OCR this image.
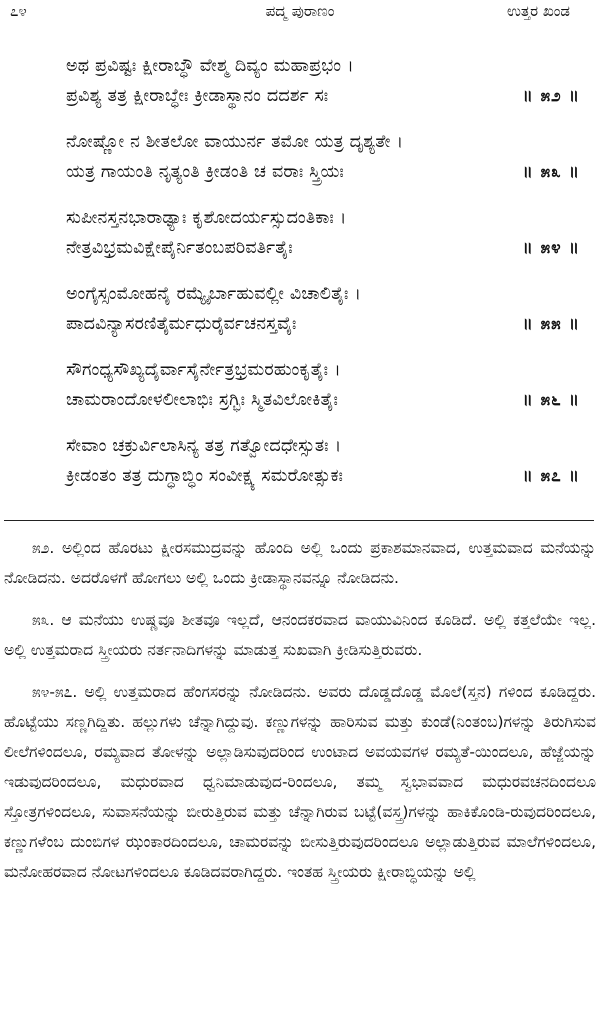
೭೪	ಪದ್ಮ ಪುರಾಣಂ	ಉತ್ತರ ಖಂಡ
ಅಥ ಪ್ರವಿಷ್ಟಃ ಕ್ಷೀರಾಬ್ಧೌ ವೇಶ್ಮ ದಿವ್ಯಂ ಮಹಾಪ್ರಭಂ ।
ಪ್ರವಿಶ್ಯ ತತ್ರ ಕ್ಷೀರಾಬ್ಧೇಃ ಕ್ರೀಡಾಸ್ಥಾನಂ ದದರ್ಶ ಸಃ	॥ ೫೨ ॥
ನೋಷ್ಣೋ ನ ಶೀತಲೋ ವಾಯುರ್ನ ತಮೋ ಯತ್ರ ದೃಶ್ಯತೇ ।
ಯತ್ರ ಗಾಯಂತಿ ನೃತ್ಯಂತಿ ಕ್ರೀಡಂತಿ ಚ ವರಾಃ ಸ್ತ್ರಿಯಃ	॥ ೫೩ ॥
ಸುಪೀನಸ್ತನಭಾರಾಢ್ಯಾಃ ಕೃಶೋದರ್ಯಸ್ಸುದಂತಿಕಾಃ ।
ನೇತ್ರವಿಭ್ರಮವಿಕ್ಷೇಪೈರ್ನಿತಂಬಪರಿವರ್ತಿತೈಃ	॥ ೫೪ ॥
ಅಂಗೈಸ್ಸಂಮೋಹನೈ ರಮ್ಯೈರ್ಬಾಹುವಲ್ಲೀ ವಿಚಾಲಿತೈಃ ।
ಪಾದವಿನ್ಯಾಸರಣಿತೈರ್ಮಧುರೈರ್ವಚನಸ್ತವೈಃ	॥ ೫೫ ॥
ಸೌಗಂಧ್ಯಸೌಖ್ಯದೈರ್ವಾಸೈರ್ನೇತ್ರಭ್ರಮರಹುಂಕೃತೈಃ ।
ಚಾಮರಾಂದೋಳಲೀಲಾಭಿಃ ಸ್ರಗ್ಭಿಃ ಸ್ಮಿತವಿಲೋಕಿತೈಃ	॥ ೫೬ ॥
ಸೇವಾಂ ಚಕ್ರುರ್ವಿಲಾಸಿನ್ಯ ತತ್ರ ಗತ್ವೋದಧೇಸ್ಸುತಃ ।
ಕ್ರೀಡಂತಂ ತತ್ರ ದುಗ್ಧಾಬ್ಧಿಂ ಸಂವೀಕ್ಷ್ಯ ಸಮರೋತ್ಸುಕಃ	॥ ೫೭ ॥

೫೨. ಅಲ್ಲಿಂದ ಹೊರಟು ಕ್ಷೀರಸಮುದ್ರವನ್ನು ಹೊಂದಿ ಅಲ್ಲಿ ಒಂದು ಪ್ರಕಾಶಮಾನವಾದ, ಉತ್ತಮವಾದ ಮನೆಯನ್ನು ನೋಡಿದನು. ಅದರೊಳಗೆ ಹೋಗಲು ಅಲ್ಲಿ ಒಂದು ಕ್ರೀಡಾಸ್ಥಾನವನ್ನೂ ನೋಡಿದನು.

೫೩. ಆ ಮನೆಯು ಉಷ್ಣವೂ ಶೀತವೂ ಇಲ್ಲದೆ, ಆನಂದಕರವಾದ ವಾಯುವಿನಿಂದ ಕೂಡಿದೆ. ಅಲ್ಲಿ ಕತ್ತಲೆಯೇ ಇಲ್ಲ. ಅಲ್ಲಿ ಉತ್ತಮರಾದ ಸ್ತ್ರೀಯರು ನರ್ತನಾದಿಗಳನ್ನು ಮಾಡುತ್ತ ಸುಖವಾಗಿ ಕ್ರೀಡಿಸುತ್ತಿರುವರು.

೫೪-೫೭. ಅಲ್ಲಿ ಉತ್ತಮರಾದ ಹೆಂಗಸರನ್ನು ನೋಡಿದನು. ಅವರು ದೊಡ್ಡದೊಡ್ಡ ಮೊಲೆ(ಸ್ತನ) ಗಳಿಂದ ಕೂಡಿದ್ದರು. ಹೊಟ್ಟೆಯು ಸಣ್ಣಗಿದ್ದಿತು. ಹಲ್ಲುಗಳು ಚೆನ್ನಾಗಿದ್ದುವು. ಕಣ್ಣುಗಳನ್ನು ಹಾರಿಸುವ ಮತ್ತು ಕುಂಡೆ(ನಿಂತಂಬ)ಗಳನ್ನು ತಿರುಗಿಸುವ ಲೀಲೆಗಳಿಂದಲೂ, ರಮ್ಯವಾದ ತೋಳನ್ನು ಅಲ್ಲಾಡಿಸುವುದರಿಂದ ಉಂಟಾದ ಅವಯವಗಳ ರಮ್ಯತೆ-ಯಿಂದಲೂ, ಹೆಜ್ಜೆಯನ್ನು ಇಡುವುದರಿಂದಲೂ, ಮಧುರವಾದ ಧ್ವನಿಮಾಡುವುದ-ರಿಂದಲೂ, ತಮ್ಮ ಸ್ವಭಾವವಾದ ಮಧುರವಚನದಿಂದಲೂ ಸ್ತೋತ್ರಗಳಿಂದಲೂ, ಸುವಾಸನೆಯನ್ನು ಬೀರುತ್ತಿರುವ ಮತ್ತು ಚೆನ್ನಾಗಿರುವ ಬಟ್ಟೆ(ವಸ್ತ್ರ)ಗಳನ್ನು ಹಾಕಿಕೊಂಡಿ-ರುವುದರಿಂದಲೂ, ಕಣ್ಣುಗಳೆಂಬ ದುಂಬಿಗಳ ಝಂಕಾರದಿಂದಲೂ, ಚಾಮರವನ್ನು ಬೀಸುತ್ತಿರುವುದರಿಂದಲೂ ಅಲ್ಲಾಡುತ್ತಿರುವ ಮಾಲೆಗಳಿಂದಲೂ, ಮನೋಹರವಾದ ನೋಟಗಳಿಂದಲೂ ಕೂಡಿದವರಾಗಿದ್ದರು. ಇಂತಹ ಸ್ತ್ರೀಯರು ಕ್ಷೀರಾಬ್ಧಿಯನ್ನು ಅಲ್ಲಿ
